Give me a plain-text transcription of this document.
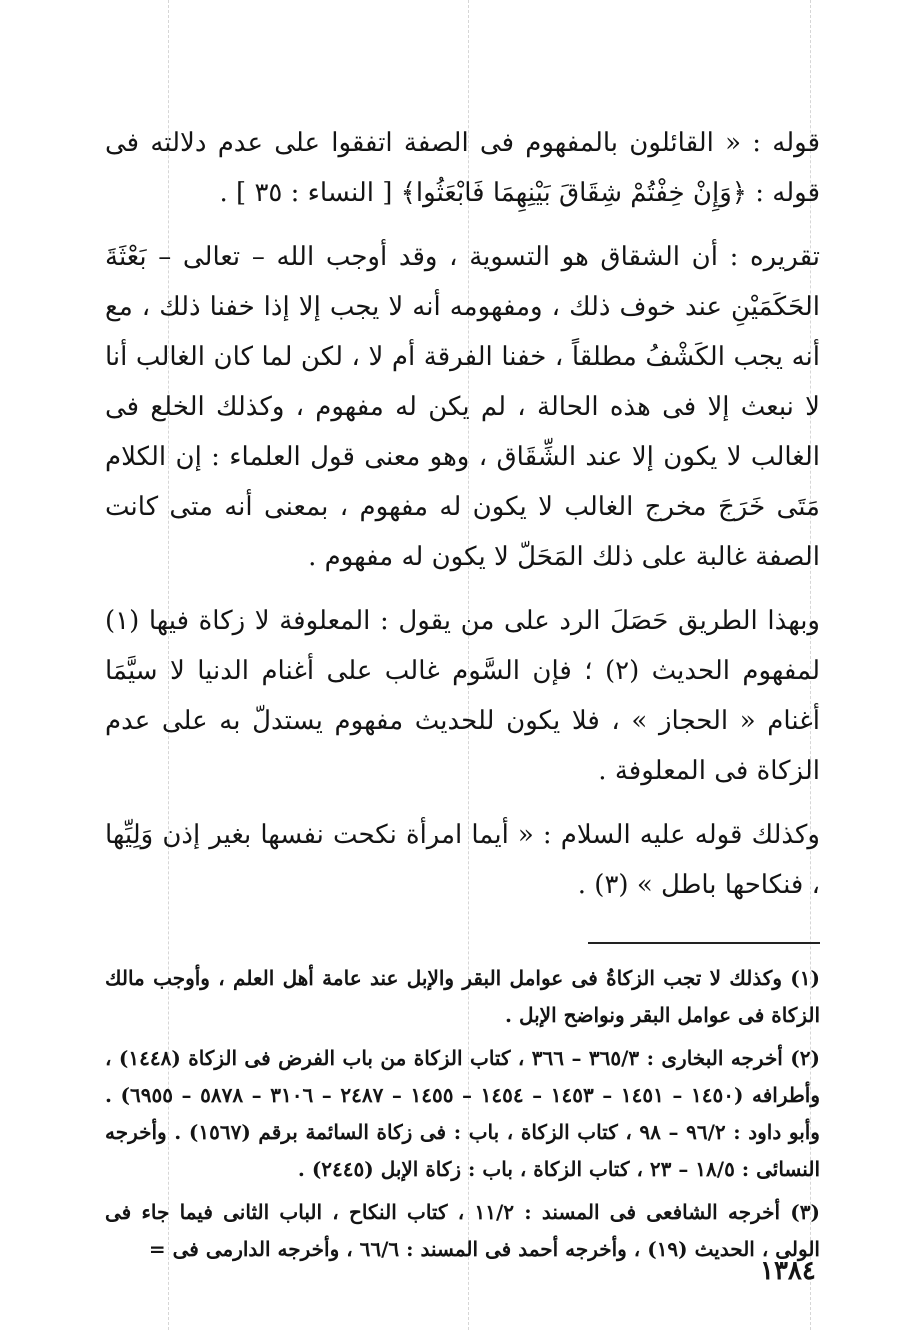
قوله : « القائلون بالمفهوم فى الصفة اتفقوا على عدم دلالته فى قوله : ﴿وَإِنْ خِفْتُمْ شِقَاقَ بَيْنِهِمَا فَابْعَثُوا﴾ [ النساء : ٣٥ ] .

تقريره : أن الشقاق هو التسوية ، وقد أوجب الله – تعالى – بَعْثَةَ الحَكَمَيْنِ عند خوف ذلك ، ومفهومه أنه لا يجب إلا إذا خفنا ذلك ، مع أنه يجب الكَشْفُ مطلقاً ، خفنا الفرقة أم لا ، لكن لما كان الغالب أنا لا نبعث إلا فى هذه الحالة ، لم يكن له مفهوم ، وكذلك الخلع فى الغالب لا يكون إلا عند الشِّقَاق ، وهو معنى قول العلماء : إن الكلام مَتَى خَرَجَ مخرج الغالب لا يكون له مفهوم ، بمعنى أنه متى كانت الصفة غالبة على ذلك المَحَلّ لا يكون له مفهوم .

وبهذا الطريق حَصَلَ الرد على من يقول : المعلوفة لا زكاة فيها (١) لمفهوم الحديث (٢) ؛ فإن السَّوم غالب على أغنام الدنيا لا سيَّمَا أغنام « الحجاز » ، فلا يكون للحديث مفهوم يستدلّ به على عدم الزكاة فى المعلوفة .

وكذلك قوله عليه السلام : « أيما امرأة نكحت نفسها بغير إذن وَلِيِّها ، فنكاحها باطل » (٣) .

(١) وكذلك لا تجب الزكاةُ فى عوامل البقر والإبل عند عامة أهل العلم ، وأوجب مالك الزكاة فى عوامل البقر ونواضح الإبل .

(٢) أخرجه البخارى : ٣٦٥/٣ – ٣٦٦ ، كتاب الزكاة من باب الفرض فى الزكاة (١٤٤٨) ، وأطرافه (١٤٥٠ – ١٤٥١ – ١٤٥٣ – ١٤٥٤ – ١٤٥٥ – ٢٤٨٧ – ٣١٠٦ – ٥٨٧٨ – ٦٩٥٥) . وأبو داود : ٩٦/٢ – ٩٨ ، كتاب الزكاة ، باب : فى زكاة السائمة برقم (١٥٦٧) . وأخرجه النسائى : ١٨/٥ – ٢٣ ، كتاب الزكاة ، باب : زكاة الإبل (٢٤٤٥) .

(٣) أخرجه الشافعى فى المسند : ١١/٢ ، كتاب النكاح ، الباب الثانى فيما جاء فى الولى ، الحديث (١٩) ، وأخرجه أحمد فى المسند : ٦٦/٦ ، وأخرجه الدارمى فى =

١٣٨٤
